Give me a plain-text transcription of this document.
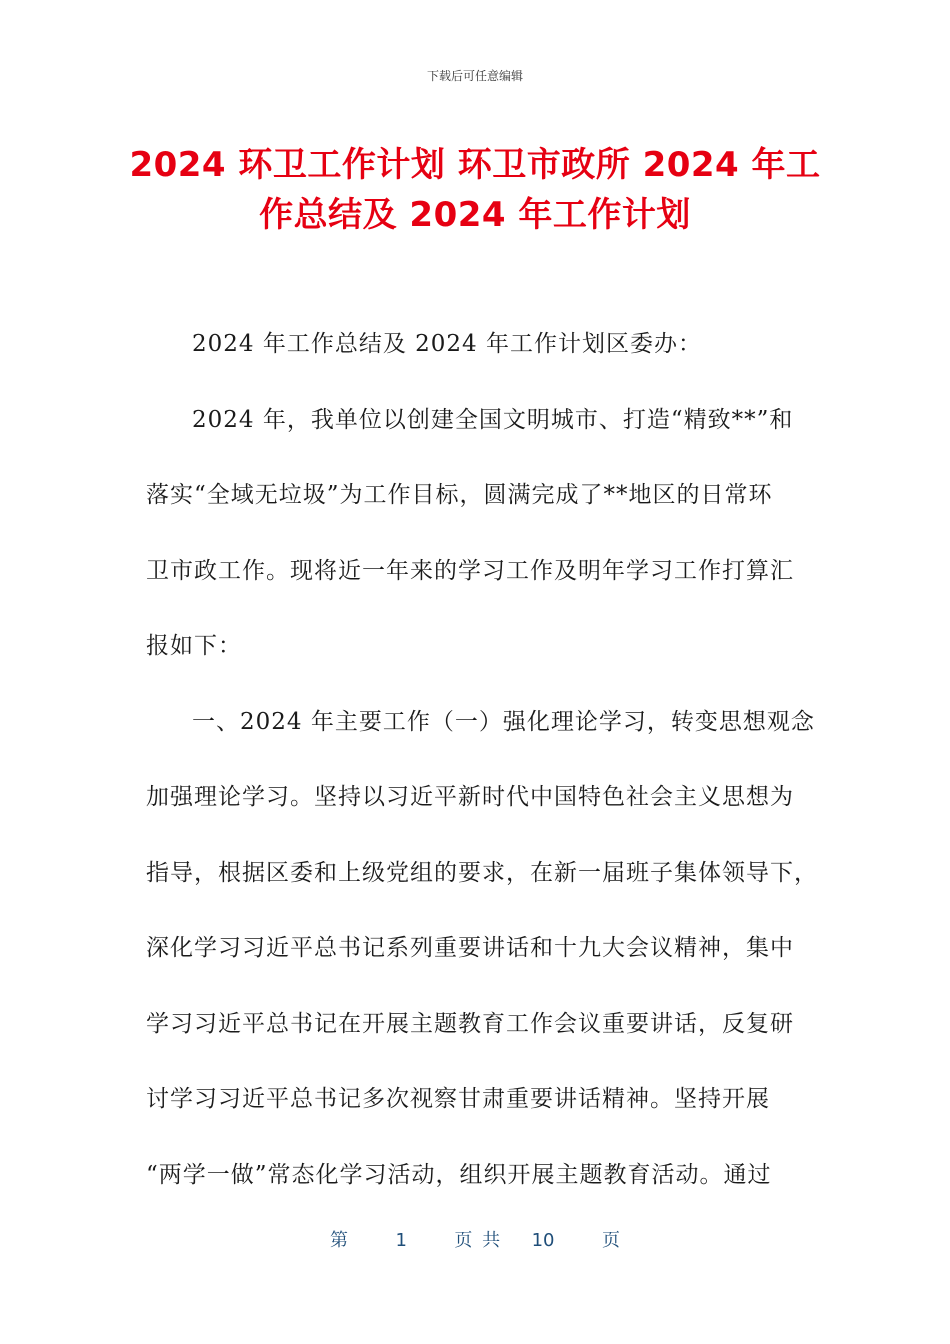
下载后可任意编辑
2024 环卫工作计划 环卫市政所 2024 年工
作总结及 2024 年工作计划
2024 年工作总结及 2024 年工作计划区委办：
2024 年，我单位以创建全国文明城市、打造“精致**”和
落实“全域无垃圾”为工作目标，圆满完成了**地区的日常环
卫市政工作。现将近一年来的学习工作及明年学习工作打算汇
报如下：
一、2024 年主要工作（一）强化理论学习，转变思想观念
加强理论学习。坚持以习近平新时代中国特色社会主义思想为
指导，根据区委和上级党组的要求，在新一届班子集体领导下，
深化学习习近平总书记系列重要讲话和十九大会议精神，集中
学习习近平总书记在开展主题教育工作会议重要讲话，反复研
讨学习习近平总书记多次视察甘肃重要讲话精神。坚持开展
“两学一做”常态化学习活动，组织开展主题教育活动。通过
第	1	页 共 10	页
